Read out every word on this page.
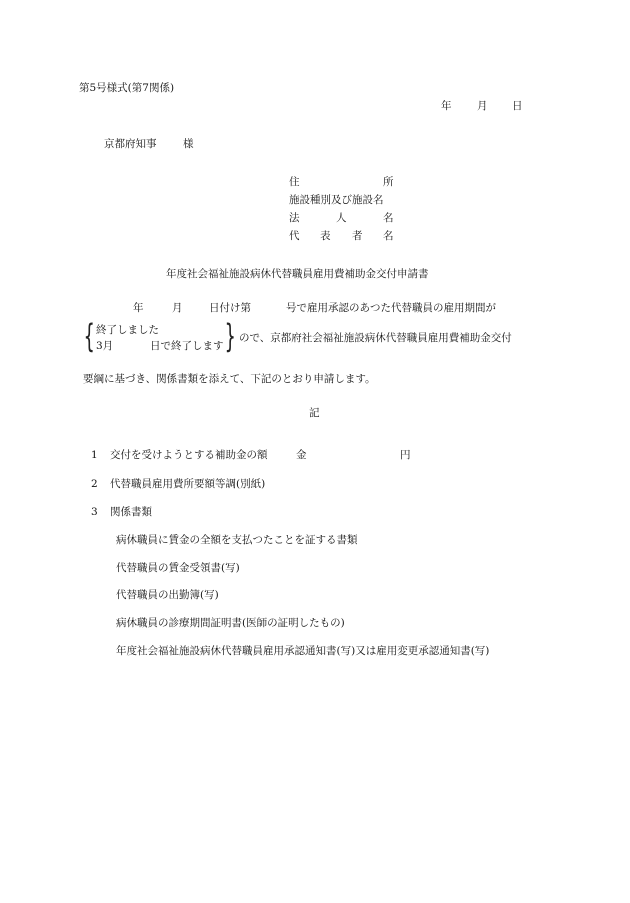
第5号様式(第7関係)
年 月 日
京都府知事	様
住	所
施設種別及び施設名
法	人	名
代 表 者 名
年度社会福祉施設病休代替職員雇用費補助金交付申請書
年	月	日付け第	号で雇用承認のあつた代替職員の雇用期間が
{ 終了しました
3月	日で終了します } ので、京都府社会福祉施設病休代替職員雇用費補助金交付
要綱に基づき、関係書類を添えて、下記のとおり申請します。
記
1 交付を受けようとする補助金の額	金	円
2 代替職員雇用費所要額等調(別紙)
3 関係書類
病休職員に賃金の全額を支払つたことを証する書類
代替職員の賃金受領書(写)
代替職員の出勤簿(写)
病休職員の診療期間証明書(医師の証明したもの)
年度社会福祉施設病休代替職員雇用承認通知書(写)又は雇用変更承認通知書(写)
